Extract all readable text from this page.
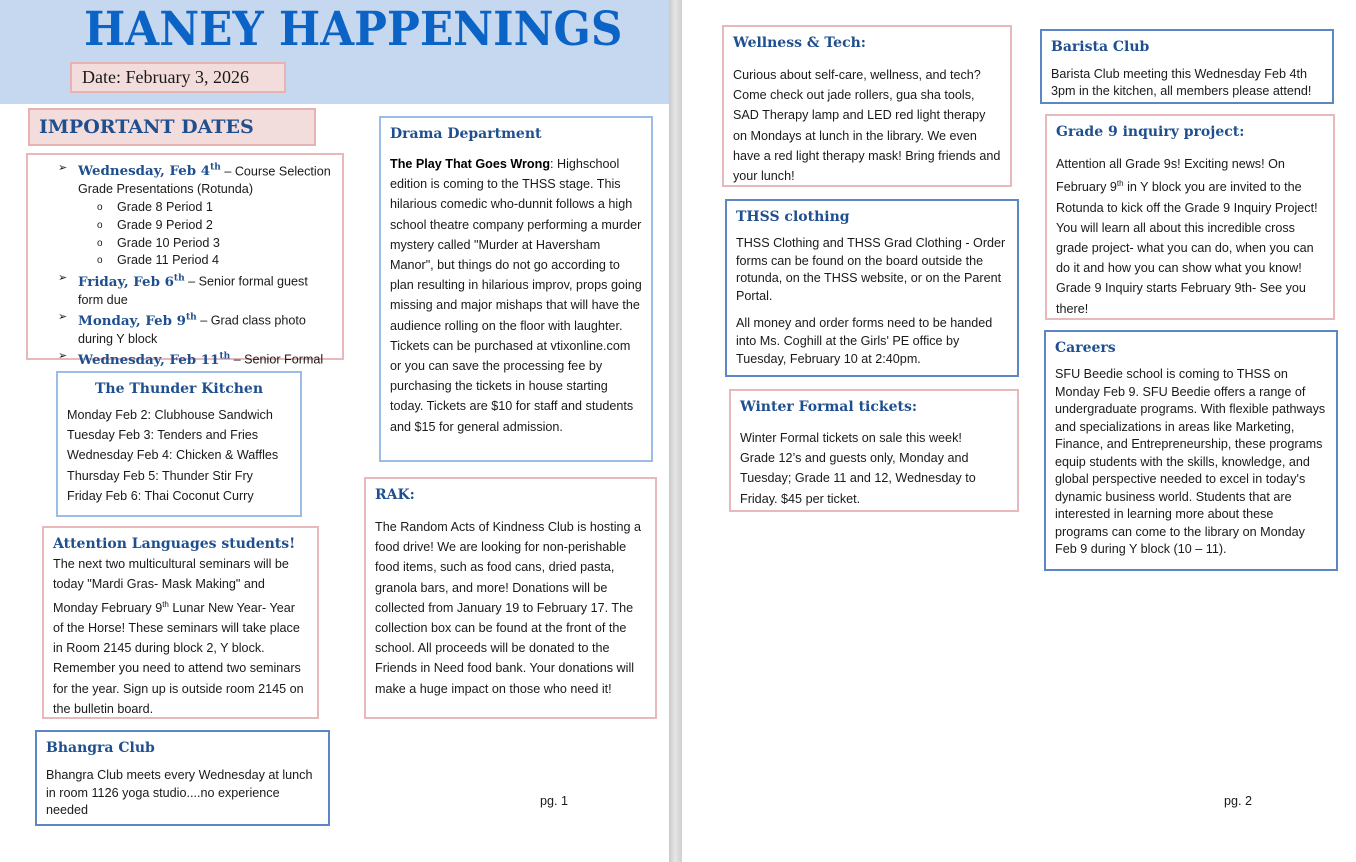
HANEY HAPPENINGS
Date: February 3, 2026
IMPORTANT DATES
➢ Wednesday, Feb 4th – Course Selection Grade Presentations (Rotunda)
o Grade 8 Period 1
o Grade 9 Period 2
o Grade 10 Period 3
o Grade 11 Period 4
➢ Friday, Feb 6th – Senior formal guest form due
➢ Monday, Feb 9th – Grad class photo during Y block
➢ Wednesday, Feb 11th – Senior Formal
The Thunder Kitchen
Monday Feb 2: Clubhouse Sandwich
Tuesday Feb 3: Tenders and Fries
Wednesday Feb 4: Chicken & Waffles
Thursday Feb 5: Thunder Stir Fry
Friday Feb 6: Thai Coconut Curry

Attention Languages students! The next two multicultural seminars will be today "Mardi Gras- Mask Making" and Monday February 9th Lunar New Year- Year of the Horse! These seminars will take place in Room 2145 during block 2, Y block. Remember you need to attend two seminars for the year. Sign up is outside room 2145 on the bulletin board.

Bhangra Club

Bhangra Club meets every Wednesday at lunch in room 1126 yoga studio....no experience needed

Drama Department

The Play That Goes Wrong: Highschool edition is coming to the THSS stage. This hilarious comedic who-dunnit follows a high school theatre company performing a murder mystery called "Murder at Haversham Manor", but things do not go according to plan resulting in hilarious improv, props going missing and major mishaps that will have the audience rolling on the floor with laughter. Tickets can be purchased at vtixonline.com or you can save the processing fee by purchasing the tickets in house starting today. Tickets are $10 for staff and students and $15 for general admission.

RAK:

The Random Acts of Kindness Club is hosting a food drive! We are looking for non-perishable food items, such as food cans, dried pasta, granola bars, and more! Donations will be collected from January 19 to February 17. The collection box can be found at the front of the school. All proceeds will be donated to the Friends in Need food bank. Your donations will make a huge impact on those who need it!

pg. 1
Wellness & Tech:

Curious about self-care, wellness, and tech? Come check out jade rollers, gua sha tools, SAD Therapy lamp and LED red light therapy on Mondays at lunch in the library. We even have a red light therapy mask! Bring friends and your lunch!

THSS clothing

THSS Clothing and THSS Grad Clothing - Order forms can be found on the board outside the rotunda, on the THSS website, or on the Parent Portal.

All money and order forms need to be handed into Ms. Coghill at the Girls' PE office by Tuesday, February 10 at 2:40pm.

Winter Formal tickets:

Winter Formal tickets on sale this week! Grade 12’s and guests only, Monday and Tuesday; Grade 11 and 12, Wednesday to Friday. $45 per ticket.

Barista Club

Barista Club meeting this Wednesday Feb 4th 3pm in the kitchen, all members please attend!

Grade 9 inquiry project:

Attention all Grade 9s! Exciting news! On February 9th in Y block you are invited to the Rotunda to kick off the Grade 9 Inquiry Project! You will learn all about this incredible cross grade project- what you can do, when you can do it and how you can show what you know! Grade 9 Inquiry starts February 9th- See you there!

Careers

SFU Beedie school is coming to THSS on Monday Feb 9. SFU Beedie offers a range of undergraduate programs. With flexible pathways and specializations in areas like Marketing, Finance, and Entrepreneurship, these programs equip students with the skills, knowledge, and global perspective needed to excel in today's dynamic business world. Students that are interested in learning more about these programs can come to the library on Monday Feb 9 during Y block (10 – 11).

pg. 2
